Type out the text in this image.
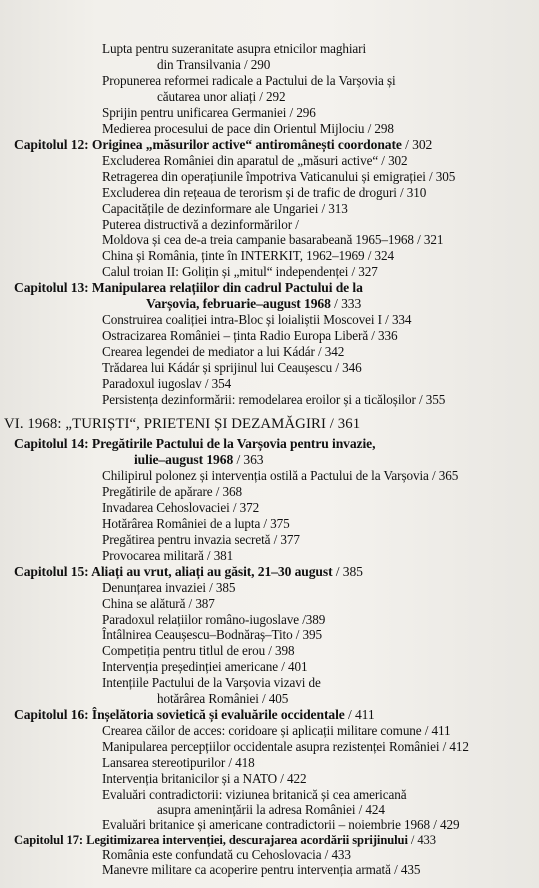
Lupta pentru suzeranitate asupra etnicilor maghiari
din Transilvania / 290
Propunerea reformei radicale a Pactului de la Varșovia și
căutarea unor aliați / 292
Sprijin pentru unificarea Germaniei / 296
Medierea procesului de pace din Orientul Mijlociu / 298
Capitolul 12: Originea „măsurilor active“ antiromânești coordonate / 302
Excluderea României din aparatul de „măsuri active“ / 302
Retragerea din operațiunile împotriva Vaticanului și emigrației / 305
Excluderea din rețeaua de terorism și de trafic de droguri / 310
Capacitățile de dezinformare ale Ungariei / 313
Puterea distructivă a dezinformărilor /
Moldova și cea de-a treia campanie basarabeană 1965–1968 / 321
China și România, ținte în INTERKIT, 1962–1969 / 324
Calul troian II: Golițin și „mitul“ independenței / 327
Capitolul 13: Manipularea relațiilor din cadrul Pactului de la
Varșovia, februarie–august 1968 / 333
Construirea coaliției intra-Bloc și loialiștii Moscovei I / 334
Ostracizarea României – ținta Radio Europa Liberă / 336
Crearea legendei de mediator a lui Kádár / 342
Trădarea lui Kádár și sprijinul lui Ceaușescu / 346
Paradoxul iugoslav / 354
Persistența dezinformării: remodelarea eroilor și a ticăloșilor / 355
VI. 1968: „TURIȘTI“, PRIETENI ȘI DEZAMĂGIRI / 361
Capitolul 14: Pregătirile Pactului de la Varșovia pentru invazie,
iulie–august 1968 / 363
Chilipirul polonez și intervenția ostilă a Pactului de la Varșovia / 365
Pregătirile de apărare / 368
Invadarea Cehoslovaciei / 372
Hotărârea României de a lupta / 375
Pregătirea pentru invazia secretă / 377
Provocarea militară / 381
Capitolul 15: Aliați au vrut, aliați au găsit, 21–30 august / 385
Denunțarea invaziei / 385
China se alătură / 387
Paradoxul relațiilor româno-iugoslave /389
Întâlnirea Ceaușescu–Bodnăraș–Tito / 395
Competiția pentru titlul de erou / 398
Intervenția președinției americane / 401
Intențiile Pactului de la Varșovia vizavi de
hotărârea României / 405
Capitolul 16: Înșelătoria sovietică și evaluările occidentale / 411
Crearea căilor de acces: coridoare și aplicații militare comune / 411
Manipularea percepțiilor occidentale asupra rezistenței României / 412
Lansarea stereotipurilor / 418
Intervenția britanicilor și a NATO / 422
Evaluări contradictorii: viziunea britanică și cea americană
asupra amenințării la adresa României / 424
Evaluări britanice și americane contradictorii – noiembrie 1968 / 429
Capitolul 17: Legitimizarea intervenției, descurajarea acordării sprijinului / 433
România este confundată cu Cehoslovacia / 433
Manevre militare ca acoperire pentru intervenția armată / 435
